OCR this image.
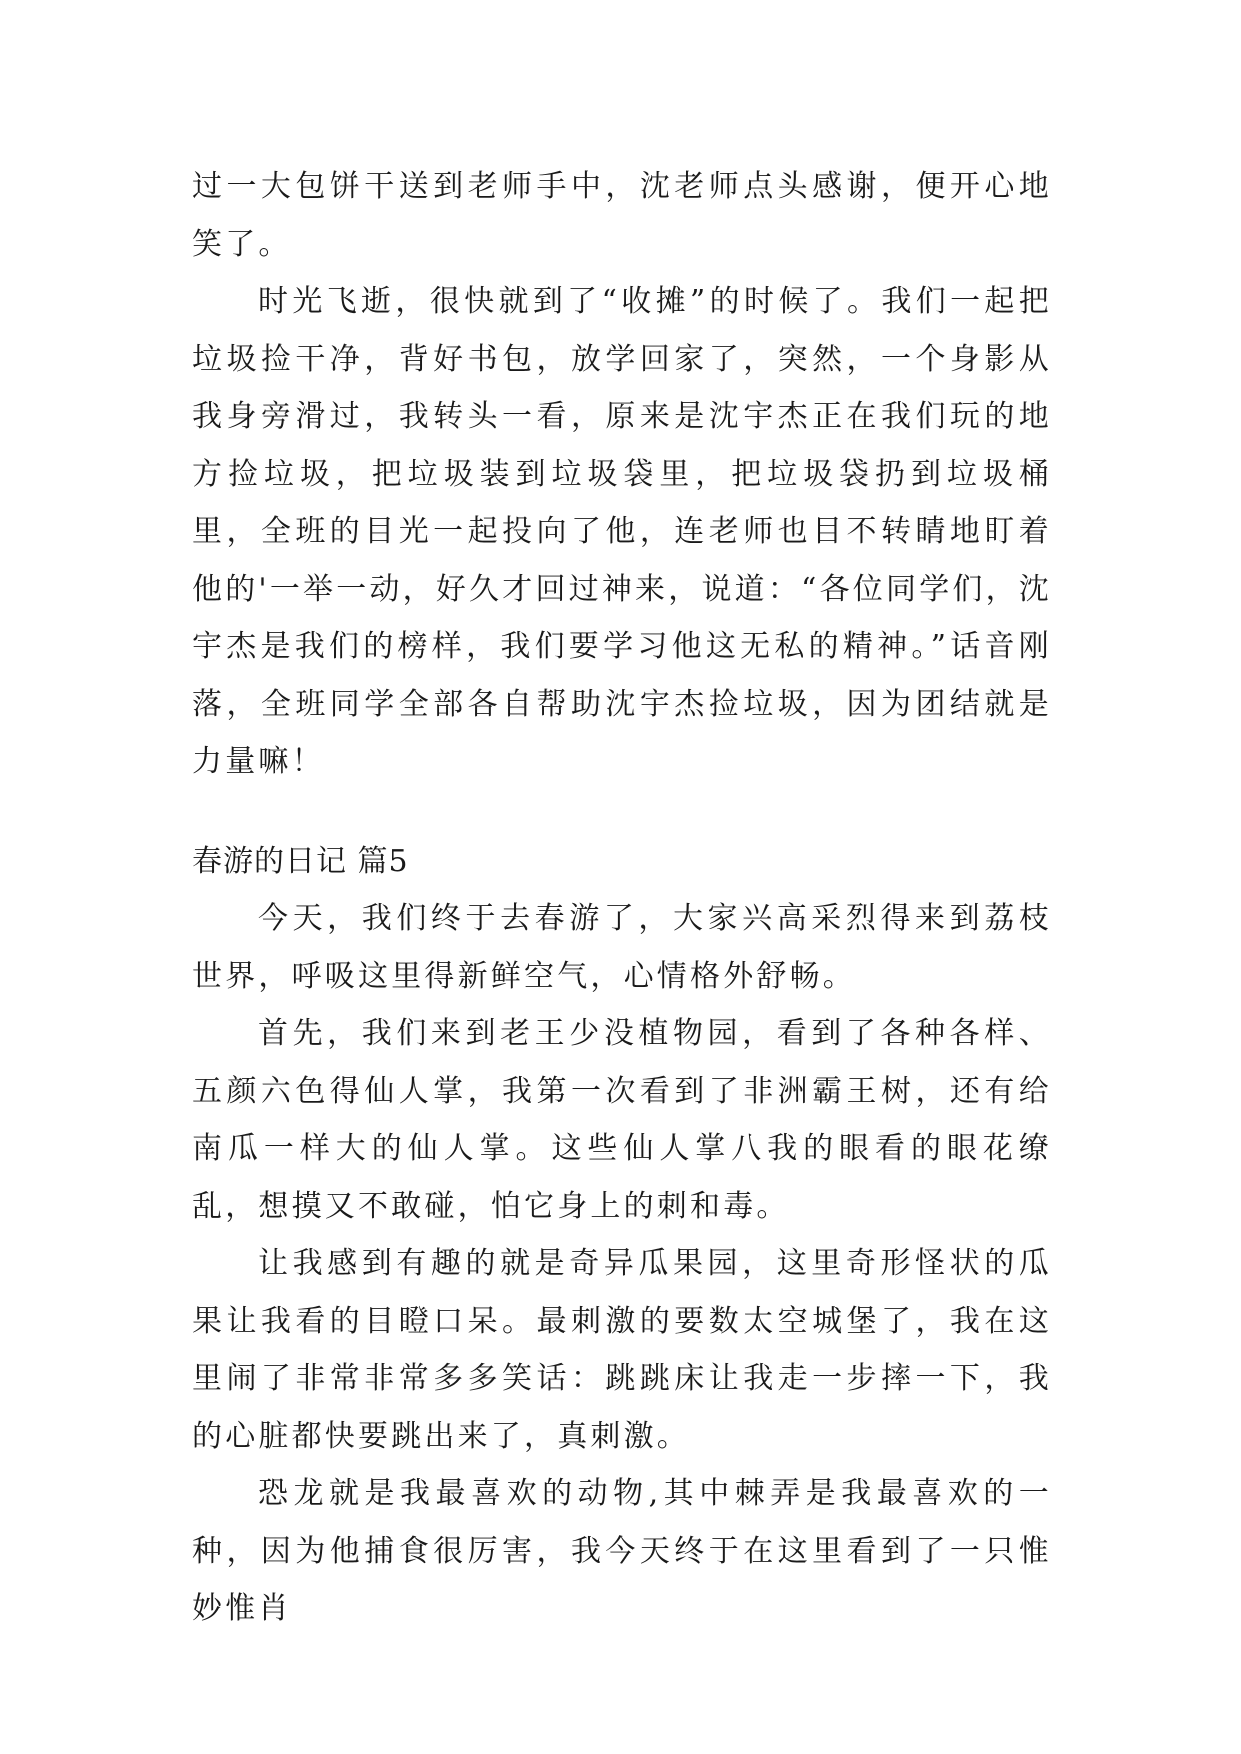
过一大包饼干送到老师手中，沈老师点头感谢，便开心地笑了。

时光飞逝，很快就到了“收摊”的时候了。我们一起把垃圾捡干净，背好书包，放学回家了，突然，一个身影从我身旁滑过，我转头一看，原来是沈宇杰正在我们玩的地方捡垃圾，把垃圾装到垃圾袋里，把垃圾袋扔到垃圾桶里，全班的目光一起投向了他，连老师也目不转睛地盯着他的'一举一动，好久才回过神来，说道：“各位同学们，沈宇杰是我们的榜样，我们要学习他这无私的精神。”话音刚落，全班同学全部各自帮助沈宇杰捡垃圾，因为团结就是力量嘛！

春游的日记 篇5

今天，我们终于去春游了，大家兴高采烈得来到荔枝世界，呼吸这里得新鲜空气，心情格外舒畅。

首先，我们来到老王少没植物园，看到了各种各样、五颜六色得仙人掌，我第一次看到了非洲霸王树，还有给南瓜一样大的仙人掌。这些仙人掌八我的眼看的眼花缭乱，想摸又不敢碰，怕它身上的刺和毒。

让我感到有趣的就是奇异瓜果园，这里奇形怪状的瓜果让我看的目瞪口呆。最刺激的要数太空城堡了，我在这里闹了非常非常多多笑话：跳跳床让我走一步摔一下，我的心脏都快要跳出来了，真刺激。

恐龙就是我最喜欢的动物,其中棘弄是我最喜欢的一种，因为他捕食很厉害，我今天终于在这里看到了一只惟妙惟肖
